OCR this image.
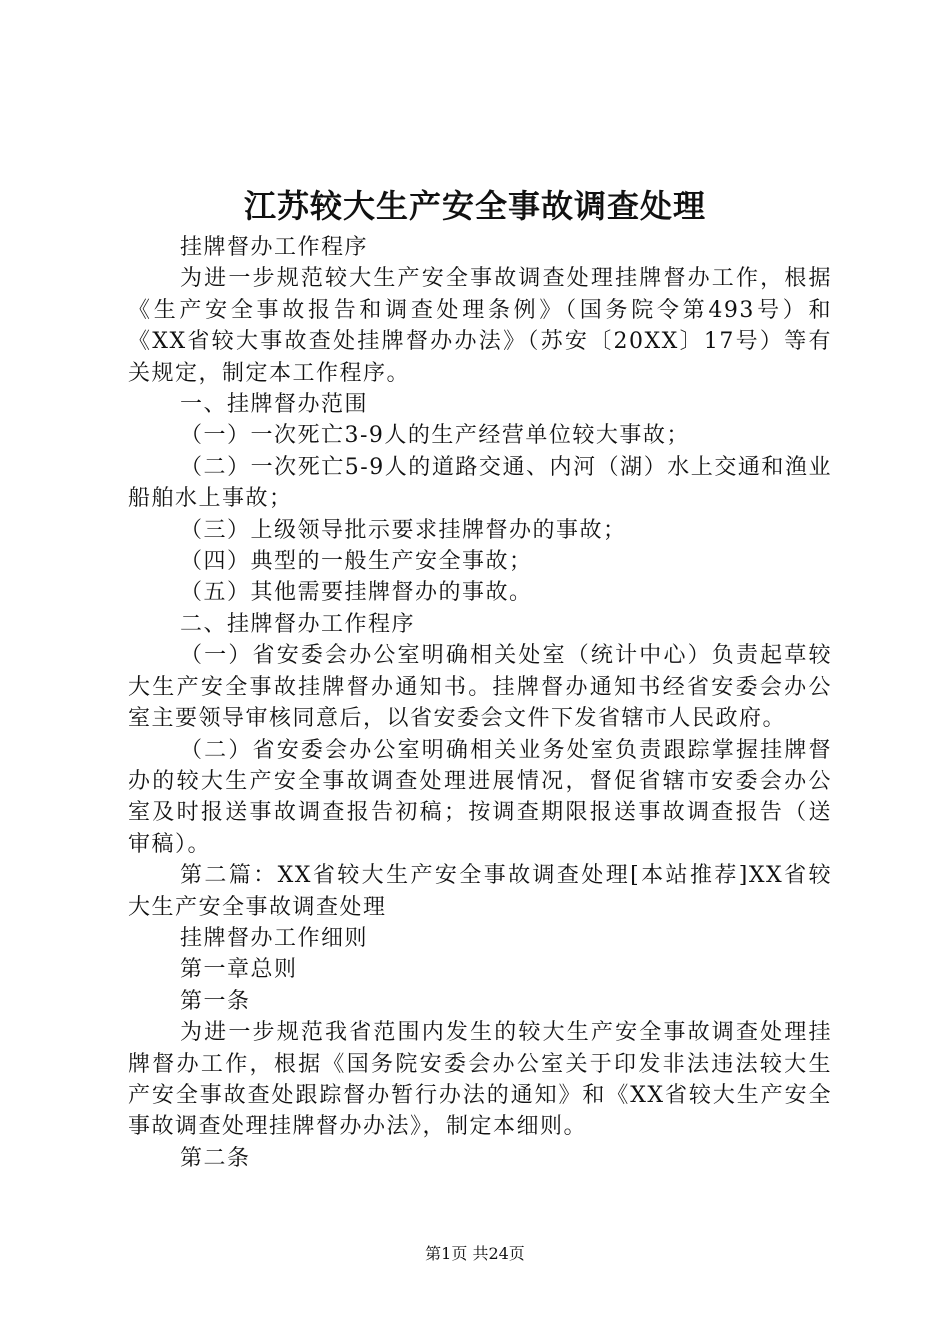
江苏较大生产安全事故调查处理

挂牌督办工作程序

为进一步规范较大生产安全事故调查处理挂牌督办工作，根据《生产安全事故报告和调查处理条例》（国务院令第493号）和《XX省较大事故查处挂牌督办办法》（苏安〔20XX〕17号）等有关规定，制定本工作程序。

一、挂牌督办范围

（一）一次死亡3-9人的生产经营单位较大事故；

（二）一次死亡5-9人的道路交通、内河（湖）水上交通和渔业船舶水上事故；

（三）上级领导批示要求挂牌督办的事故；

（四）典型的一般生产安全事故；

（五）其他需要挂牌督办的事故。

二、挂牌督办工作程序

（一）省安委会办公室明确相关处室（统计中心）负责起草较大生产安全事故挂牌督办通知书。挂牌督办通知书经省安委会办公室主要领导审核同意后，以省安委会文件下发省辖市人民政府。

（二）省安委会办公室明确相关业务处室负责跟踪掌握挂牌督办的较大生产安全事故调查处理进展情况，督促省辖市安委会办公室及时报送事故调查报告初稿；按调查期限报送事故调查报告（送审稿）。

第二篇：XX省较大生产安全事故调查处理[本站推荐]XX省较大生产安全事故调查处理

挂牌督办工作细则

第一章总则

第一条

为进一步规范我省范围内发生的较大生产安全事故调查处理挂牌督办工作，根据《国务院安委会办公室关于印发非法违法较大生产安全事故查处跟踪督办暂行办法的通知》和《XX省较大生产安全事故调查处理挂牌督办办法》，制定本细则。

第二条

第1页 共24页
